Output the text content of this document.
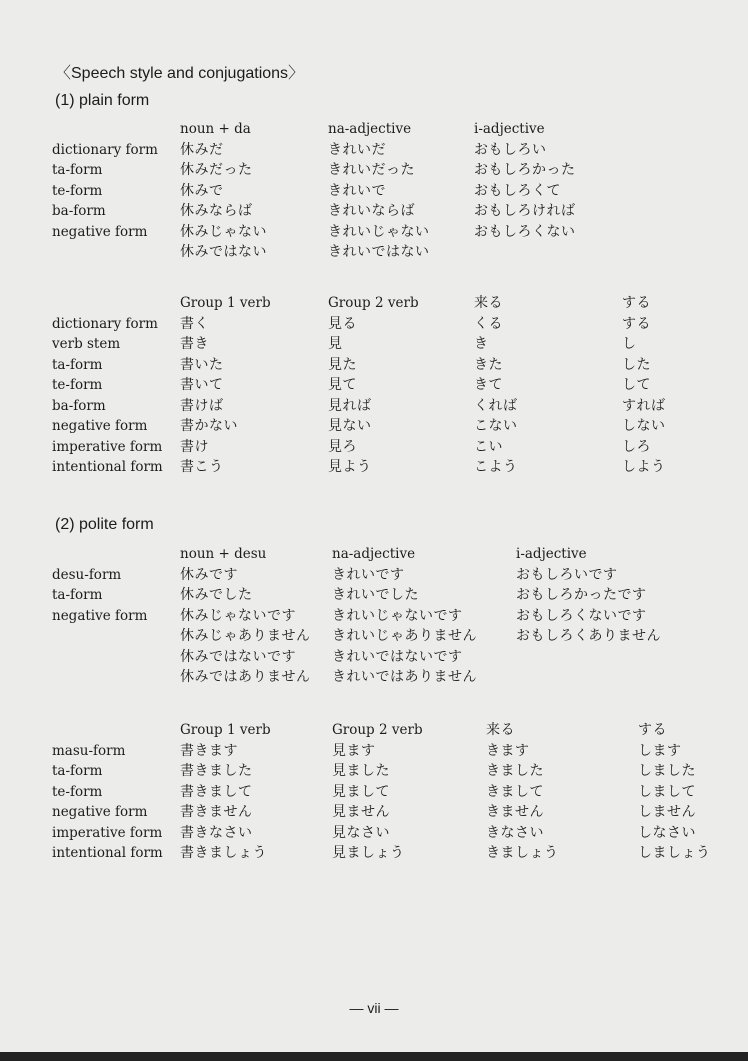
〈Speech style and conjugations〉
(1) plain form
	noun + da	na-adjective	i-adjective
dictionary form	休みだ	きれいだ	おもしろい
ta-form	休みだった	きれいだった	おもしろかった
te-form	休みで	きれいで	おもしろくて
ba-form	休みならば	きれいならば	おもしろければ
negative form	休みじゃない	きれいじゃない	おもしろくない
	休みではない	きれいではない	
	Group 1 verb	Group 2 verb	来る	する
dictionary form	書く	見る	くる	する
verb stem	書き	見	き	し
ta-form	書いた	見た	きた	した
te-form	書いて	見て	きて	して
ba-form	書けば	見れば	くれば	すれば
negative form	書かない	見ない	こない	しない
imperative form	書け	見ろ	こい	しろ
intentional form	書こう	見よう	こよう	しよう
(2) polite form
	noun + desu	na-adjective	i-adjective
desu-form	休みです	きれいです	おもしろいです
ta-form	休みでした	きれいでした	おもしろかったです
negative form	休みじゃないです	きれいじゃないです	おもしろくないです
	休みじゃありません	きれいじゃありません	おもしろくありません
	休みではないです	きれいではないです	
	休みではありません	きれいではありません	
	Group 1 verb	Group 2 verb	来る	する
masu-form	書きます	見ます	きます	します
ta-form	書きました	見ました	きました	しました
te-form	書きまして	見まして	きまして	しまして
negative form	書きません	見ません	きません	しません
imperative form	書きなさい	見なさい	きなさい	しなさい
intentional form	書きましょう	見ましょう	きましょう	しましょう
— vii —
